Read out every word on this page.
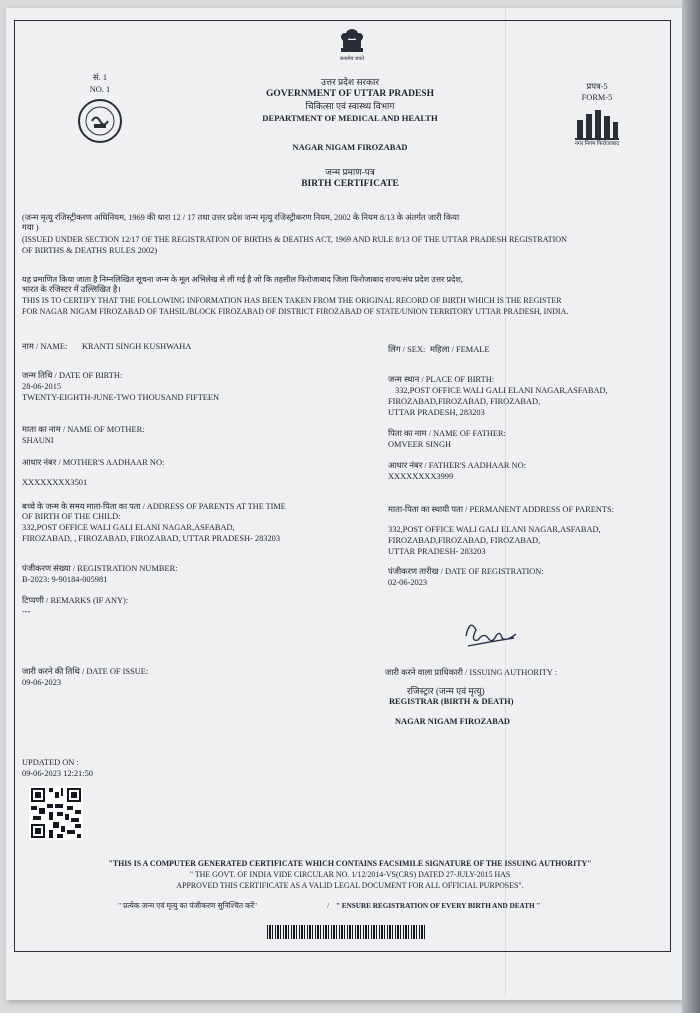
सत्यमेव जयते
सं. 1
NO. 1
उत्तर प्रदेश सरकार
GOVERNMENT OF UTTAR PRADESH
चिकित्सा एवं स्वास्थ्य विभाग
DEPARTMENT OF MEDICAL AND HEALTH
प्रपत्र-5
FORM-5
नगर निगम फिरोजाबाद
NAGAR NIGAM FIROZABAD
जन्म प्रमाण-पत्र
BIRTH CERTIFICATE
(जन्म मृत्यु रजिस्ट्रीकरण अधिनियम, 1969 की धारा 12 / 17 तथा उत्तर प्रदेश जन्म मृत्यु रजिस्ट्रीकरण नियम, 2002 के नियम 8/13 के अंतर्गत जारी किया
गया )
(ISSUED UNDER SECTION 12/17 OF THE REGISTRATION OF BIRTHS & DEATHS ACT, 1969 AND RULE 8/13 OF THE UTTAR PRADESH REGISTRATION
OF BIRTHS & DEATHS RULES 2002)
यह प्रमाणित किया जाता है निम्नलिखित सूचना जन्म के मूल अभिलेख से ली गई है जो कि तहसील फिरोजाबाद जिला फिरोजाबाद राज्य/संघ प्रदेश उत्तर प्रदेश,
भारत के रजिस्टर में उल्लिखित है।
THIS IS TO CERTIFY THAT THE FOLLOWING INFORMATION HAS BEEN TAKEN FROM THE ORIGINAL RECORD OF BIRTH WHICH IS THE REGISTER
FOR NAGAR NIGAM FIROZABAD OF TAHSIL/BLOCK FIROZABAD OF DISTRICT FIROZABAD OF STATE/UNION TERRITORY UTTAR PRADESH, INDIA.
नाम / NAME: KRANTI SINGH KUSHWAHA	लिंग / SEX: महिला / FEMALE
जन्म तिथि / DATE OF BIRTH:
28-06-2015
TWENTY-EIGHTH-JUNE-TWO THOUSAND FIFTEEN
जन्म स्थान / PLACE OF BIRTH:
332,POST OFFICE WALI GALI ELANI NAGAR,ASFABAD,
FIROZABAD,FIROZABAD, FIROZABAD,
UTTAR PRADESH, 283203
माता का नाम / NAME OF MOTHER:
SHAUNI
पिता का नाम / NAME OF FATHER:
OMVEER SINGH
आधार नंबर / MOTHER'S AADHAAR NO:
XXXXXXXX3501
आधार नंबर / FATHER'S AADHAAR NO:
XXXXXXXX3999
बच्चे के जन्म के समय माता-पिता का पता / ADDRESS OF PARENTS AT THE TIME
OF BIRTH OF THE CHILD:
332,POST OFFICE WALI GALI ELANI NAGAR,ASFABAD,
FIROZABAD, , FIROZABAD, FIROZABAD, UTTAR PRADESH- 283203
माता-पिता का स्थायी पता / PERMANENT ADDRESS OF PARENTS:
332,POST OFFICE WALI GALI ELANI NAGAR,ASFABAD,
FIROZABAD,FIROZABAD, FIROZABAD,
UTTAR PRADESH- 283203
पंजीकरण संख्या / REGISTRATION NUMBER:
B-2023: 9-90184-005981
पंजीकरण तारीख / DATE OF REGISTRATION:
02-06-2023
टिप्पणी / REMARKS (IF ANY):
---
जारी करने की तिथि / DATE OF ISSUE:
09-06-2023
जारी करने वाला प्राधिकारी / ISSUING AUTHORITY :
रजिस्ट्रार (जन्म एवं मृत्यु)
REGISTRAR (BIRTH & DEATH)
NAGAR NIGAM FIROZABAD
UPDATED ON :
09-06-2023 12:21:50
"THIS IS A COMPUTER GENERATED CERTIFICATE WHICH CONTAINS FACSIMILE SIGNATURE OF THE ISSUING AUTHORITY"
" THE GOVT. OF INDIA VIDE CIRCULAR NO. 1/12/2014-VS(CRS) DATED 27-JULY-2015 HAS
APPROVED THIS CERTIFICATE AS A VALID LEGAL DOCUMENT FOR ALL OFFICIAL PURPOSES".
" प्रत्येक जन्म एवं मृत्यु का पंजीकरण सुनिश्चित करें"	/ " ENSURE REGISTRATION OF EVERY BIRTH AND DEATH "
